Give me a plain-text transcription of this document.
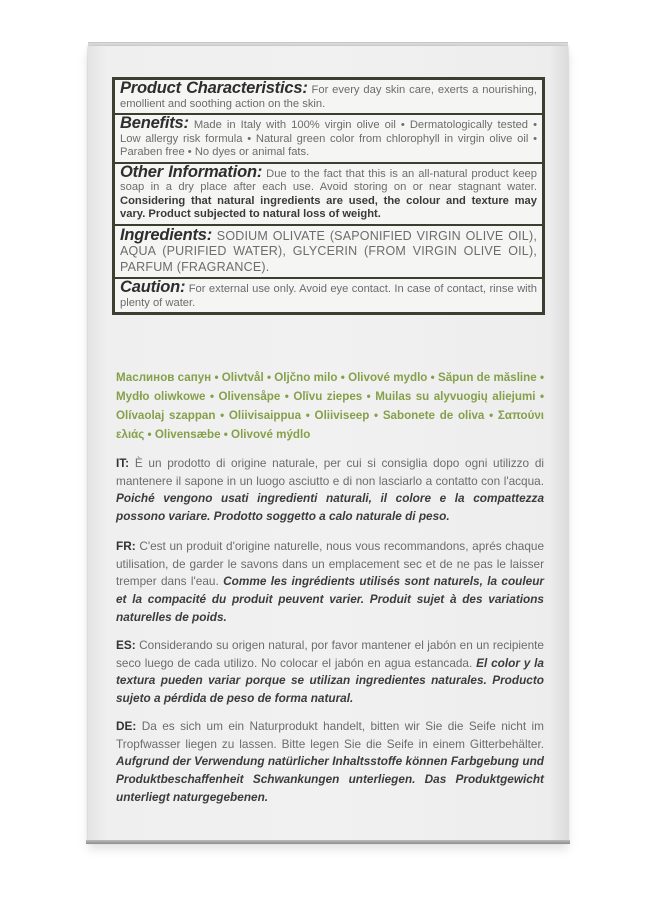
Product Characteristics: For every day skin care, exerts a nourishing, emollient and soothing action on the skin.
Benefits: Made in Italy with 100% virgin olive oil • Dermatologically tested • Low allergy risk formula • Natural green color from chlorophyll in virgin olive oil • Paraben free • No dyes or animal fats.
Other Information: Due to the fact that this is an all-natural product keep soap in a dry place after each use. Avoid storing on or near stagnant water. Considering that natural ingredients are used, the colour and texture may vary. Product subjected to natural loss of weight.
Ingredients: SODIUM OLIVATE (SAPONIFIED VIRGIN OLIVE OIL), AQUA (PURIFIED WATER), GLYCERIN (FROM VIRGIN OLIVE OIL), PARFUM (FRAGRANCE).
Caution: For external use only. Avoid eye contact. In case of contact, rinse with plenty of water.
Маслинов сапун • Olivtvål • Oljčno milo • Olivové mydlo • Săpun de măsline • Mydło oliwkowe • Olivensåpe • Olīvu ziepes • Muilas su alyvuogių aliejumi • Olívaolaj szappan • Oliivisaippua • Oliiviseep • Sabonete de oliva • Σαπούνι ελιάς • Olivensæbe • Olivové mýdlo
IT: È un prodotto di origine naturale, per cui si consiglia dopo ogni utilizzo di mantenere il sapone in un luogo asciutto e di non lasciarlo a contatto con l'acqua. Poiché vengono usati ingredienti naturali, il colore e la compattezza possono variare. Prodotto soggetto a calo naturale di peso.
FR: C'est un produit d'origine naturelle, nous vous recommandons, aprés chaque utilisation, de garder le savons dans un emplacement sec et de ne pas le laisser tremper dans l'eau. Comme les ingrédients utilisés sont naturels, la couleur et la compacité du produit peuvent varier. Produit sujet à des variations naturelles de poids.
ES: Considerando su origen natural, por favor mantener el jabón en un recipiente seco luego de cada utilizo. No colocar el jabón en agua estancada. El color y la textura pueden variar porque se utilizan ingredientes naturales. Producto sujeto a pérdida de peso de forma natural.
DE: Da es sich um ein Naturprodukt handelt, bitten wir Sie die Seife nicht im Tropfwasser liegen zu lassen. Bitte legen Sie die Seife in einem Gitterbehälter. Aufgrund der Verwendung natürlicher Inhaltsstoffe können Farbgebung und Produktbeschaffenheit Schwankungen unterliegen. Das Produktgewicht unterliegt naturgegebenen.
